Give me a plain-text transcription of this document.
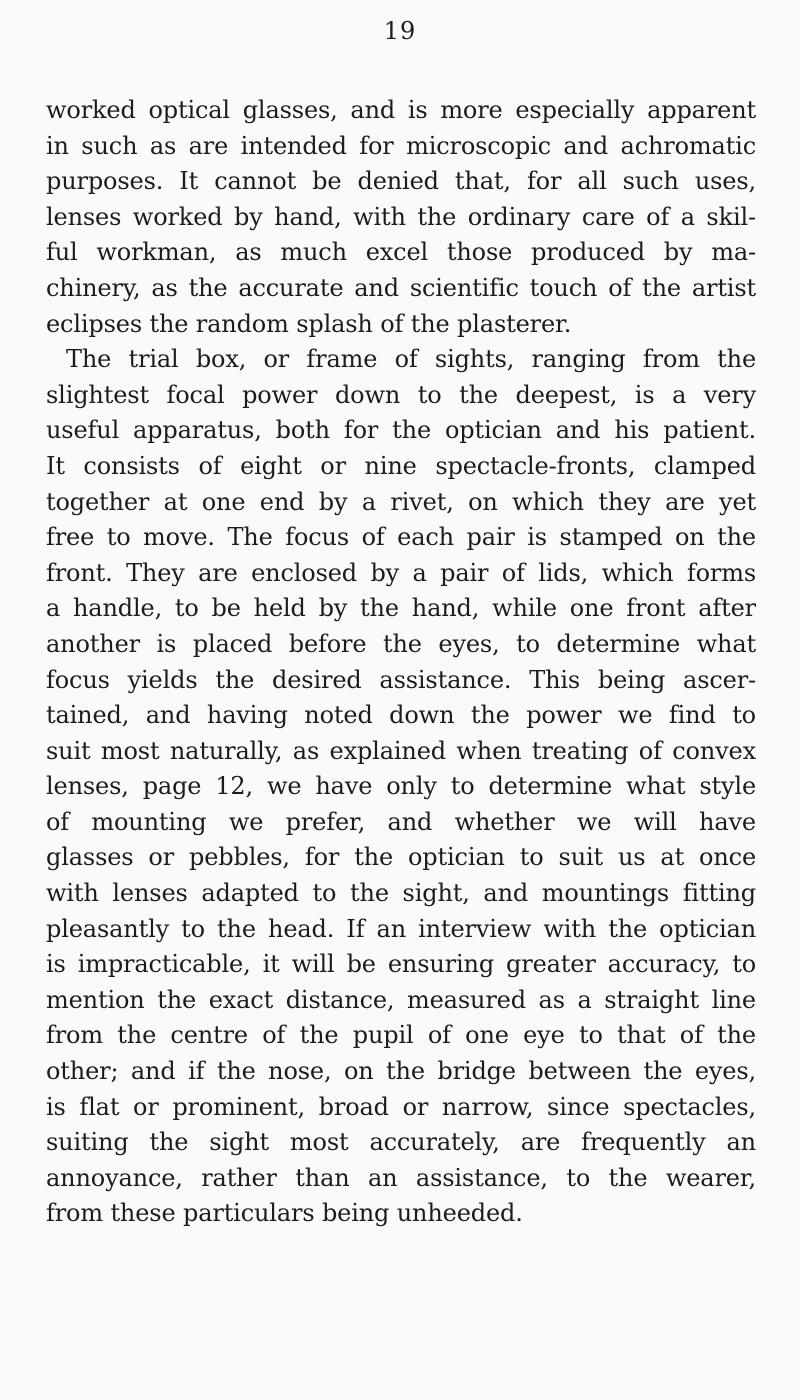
19
worked optical glasses, and is more especially apparent
in such as are intended for microscopic and achromatic
purposes. It cannot be denied that, for all such uses,
lenses worked by hand, with the ordinary care of a skil-
ful workman, as much excel those produced by ma-
chinery, as the accurate and scientific touch of the artist
eclipses the random splash of the plasterer.
The trial box, or frame of sights, ranging from the
slightest focal power down to the deepest, is a very
useful apparatus, both for the optician and his patient.
It consists of eight or nine spectacle-fronts, clamped
together at one end by a rivet, on which they are yet
free to move. The focus of each pair is stamped on the
front. They are enclosed by a pair of lids, which forms
a handle, to be held by the hand, while one front after
another is placed before the eyes, to determine what
focus yields the desired assistance. This being ascer-
tained, and having noted down the power we find to
suit most naturally, as explained when treating of convex
lenses, page 12, we have only to determine what style
of mounting we prefer, and whether we will have
glasses or pebbles, for the optician to suit us at once
with lenses adapted to the sight, and mountings fitting
pleasantly to the head. If an interview with the optician
is impracticable, it will be ensuring greater accuracy, to
mention the exact distance, measured as a straight line
from the centre of the pupil of one eye to that of the
other; and if the nose, on the bridge between the eyes,
is flat or prominent, broad or narrow, since spectacles,
suiting the sight most accurately, are frequently an
annoyance, rather than an assistance, to the wearer,
from these particulars being unheeded.
